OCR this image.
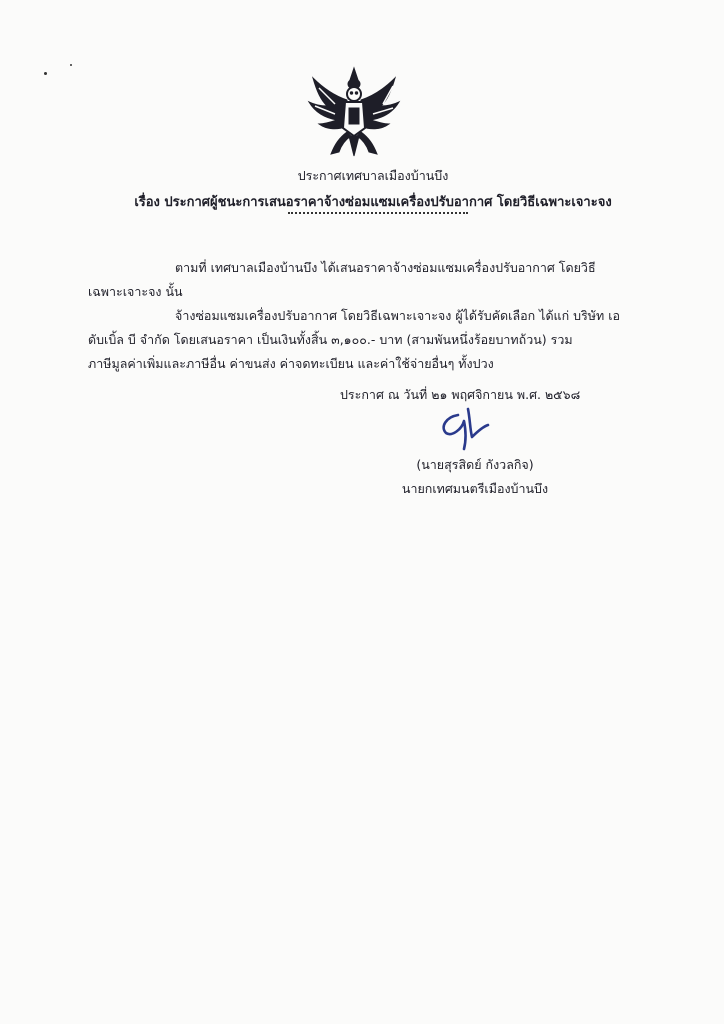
ประกาศเทศบาลเมืองบ้านบึง
เรื่อง ประกาศผู้ชนะการเสนอราคาจ้างซ่อมแซมเครื่องปรับอากาศ โดยวิธีเฉพาะเจาะจง
ตามที่ เทศบาลเมืองบ้านบึง ได้เสนอราคาจ้างซ่อมแซมเครื่องปรับอากาศ โดยวิธี
เฉพาะเจาะจง นั้น
จ้างซ่อมแซมเครื่องปรับอากาศ โดยวิธีเฉพาะเจาะจง ผู้ได้รับคัดเลือก ได้แก่ บริษัท เอ
ดับเบิ้ล บี จำกัด โดยเสนอราคา เป็นเงินทั้งสิ้น ๓,๑๐๐.- บาท (สามพันหนึ่งร้อยบาทถ้วน) รวม
ภาษีมูลค่าเพิ่มและภาษีอื่น ค่าขนส่ง ค่าจดทะเบียน และค่าใช้จ่ายอื่นๆ ทั้งปวง
ประกาศ ณ วันที่ ๒๑ พฤศจิกายน พ.ศ. ๒๕๖๘
(นายสุรสิดย์ กังวลกิจ)
นายกเทศมนตรีเมืองบ้านบึง
